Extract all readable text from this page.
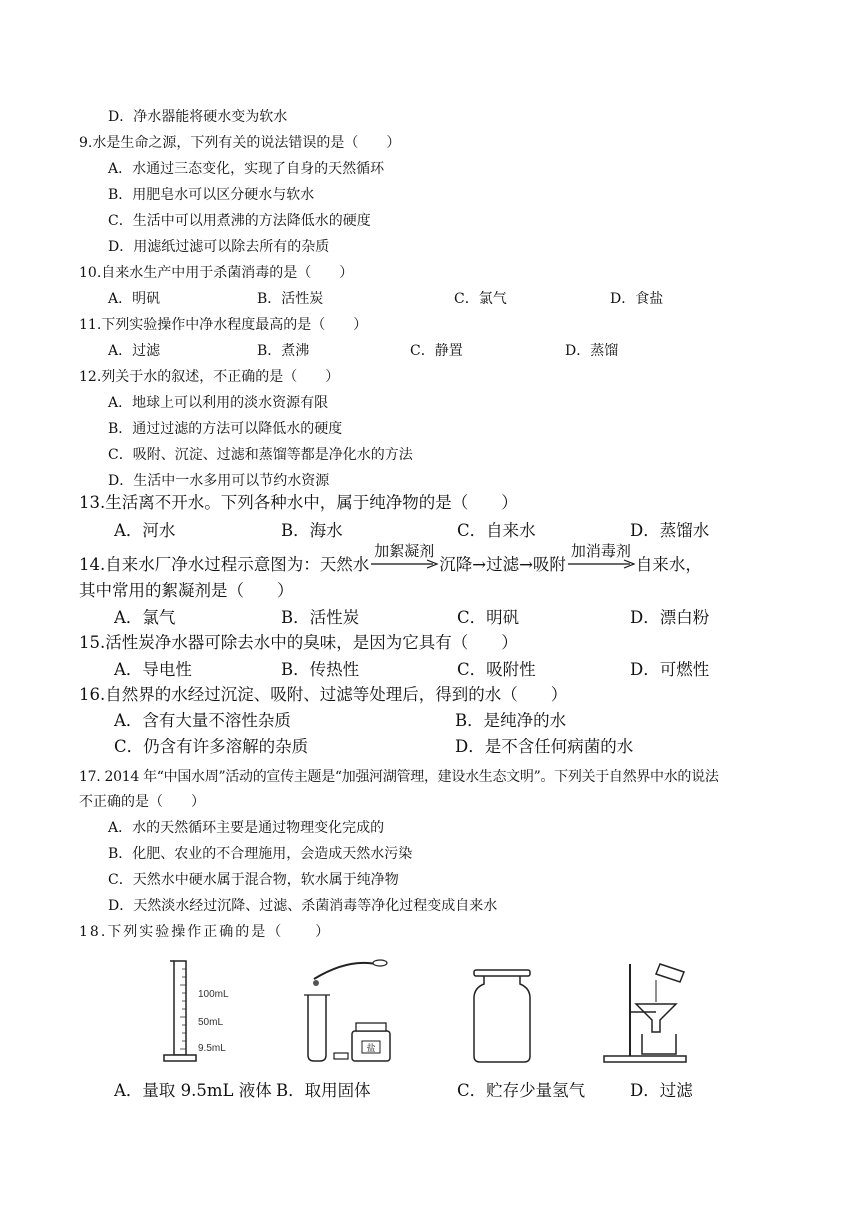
D．净水器能将硬水变为软水
9.水是生命之源，下列有关的说法错误的是（　　）
A．水通过三态变化，实现了自身的天然循环
B．用肥皂水可以区分硬水与软水
C．生活中可以用煮沸的方法降低水的硬度
D．用滤纸过滤可以除去所有的杂质
10.自来水生产中用于杀菌消毒的是（　　）
A．明矾	B．活性炭	C．氯气	D．食盐
11.下列实验操作中净水程度最高的是（　　）
A．过滤	B．煮沸	C．静置	D．蒸馏
12.列关于水的叙述，不正确的是（　　）
A．地球上可以利用的淡水资源有限
B．通过过滤的方法可以降低水的硬度
C．吸附、沉淀、过滤和蒸馏等都是净化水的方法
D．生活中一水多用可以节约水资源
13.生活离不开水。下列各种水中，属于纯净物的是（　　）
A．河水	B．海水	C．自来水	D．蒸馏水
14.自来水厂净水过程示意图为：天然水
加絮凝剂
沉降→过滤→吸附
加消毒剂
自来水，
其中常用的絮凝剂是（　　）
A．氯气	B．活性炭	C．明矾	D．漂白粉
15.活性炭净水器可除去水中的臭味，是因为它具有（　　）
A．导电性	B．传热性	C．吸附性	D．可燃性
16.自然界的水经过沉淀、吸附、过滤等处理后，得到的水（　　）
A．含有大量不溶性杂质	B．是纯净的水
C．仍含有许多溶解的杂质	D．是不含任何病菌的水
17. 2014 年“中国水周”活动的宣传主题是“加强河湖管理，建设水生态文明”。下列关于自然界中水的说法
不正确的是（　　）
A．水的天然循环主要是通过物理变化完成的
B．化肥、农业的不合理施用，会造成天然水污染
C．天然水中硬水属于混合物，软水属于纯净物
D．天然淡水经过沉降、过滤、杀菌消毒等净化过程变成自来水
18.下列实验操作正确的是（　　）
100mL
50mL
9.5mL	盐
A．量取 9.5mL 液体 B．取用固体	C．贮存少量氢气	D．过滤
